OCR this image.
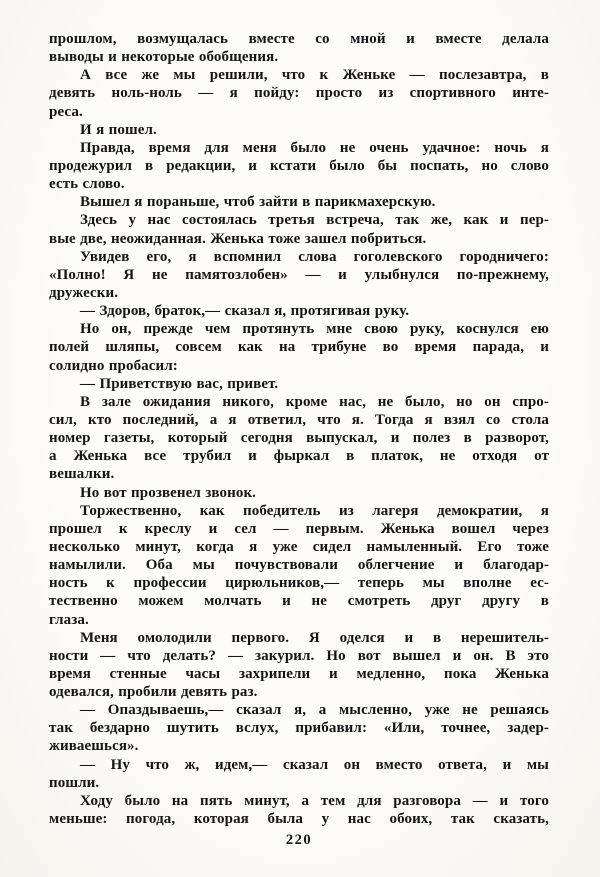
прошлом, возмущалась вместе со мной и вместе делала
выводы и некоторые обобщения.
А все же мы решили, что к Женьке — послезавтра, в
девять ноль-ноль — я пойду: просто из спортивного инте-
реса.
И я пошел.
Правда, время для меня было не очень удачное: ночь я
продежурил в редакции, и кстати было бы поспать, но слово
есть слово.
Вышел я пораньше, чтоб зайти в парикмахерскую.
Здесь у нас состоялась третья встреча, так же, как и пер-
вые две, неожиданная. Женька тоже зашел побриться.
Увидев его, я вспомнил слова гоголевского городничего:
«Полно! Я не памятозлобен» — и улыбнулся по-прежнему,
дружески.
— Здоров, браток,— сказал я, протягивая руку.
Но он, прежде чем протянуть мне свою руку, коснулся ею
полей шляпы, совсем как на трибуне во время парада, и
солидно пробасил:
— Приветствую вас, привет.
В зале ожидания никого, кроме нас, не было, но он спро-
сил, кто последний, а я ответил, что я. Тогда я взял со стола
номер газеты, который сегодня выпускал, и полез в разворот,
а Женька все трубил и фыркал в платок, не отходя от
вешалки.
Но вот прозвенел звонок.
Торжественно, как победитель из лагеря демократии, я
прошел к креслу и сел — первым. Женька вошел через
несколько минут, когда я уже сидел намыленный. Его тоже
намылили. Оба мы почувствовали облегчение и благодар-
ность к профессии цирюльников,— теперь мы вполне ес-
тественно можем молчать и не смотреть друг другу в
глаза.
Меня омолодили первого. Я оделся и в нерешитель-
ности — что делать? — закурил. Но вот вышел и он. В это
время стенные часы захрипели и медленно, пока Женька
одевался, пробили девять раз.
— Опаздываешь,— сказал я, а мысленно, уже не решаясь
так бездарно шутить вслух, прибавил: «Или, точнее, задер-
живаешься».
— Ну что ж, идем,— сказал он вместо ответа, и мы
пошли.
Ходу было на пять минут, а тем для разговора — и того
меньше: погода, которая была у нас обоих, так сказать,
220
